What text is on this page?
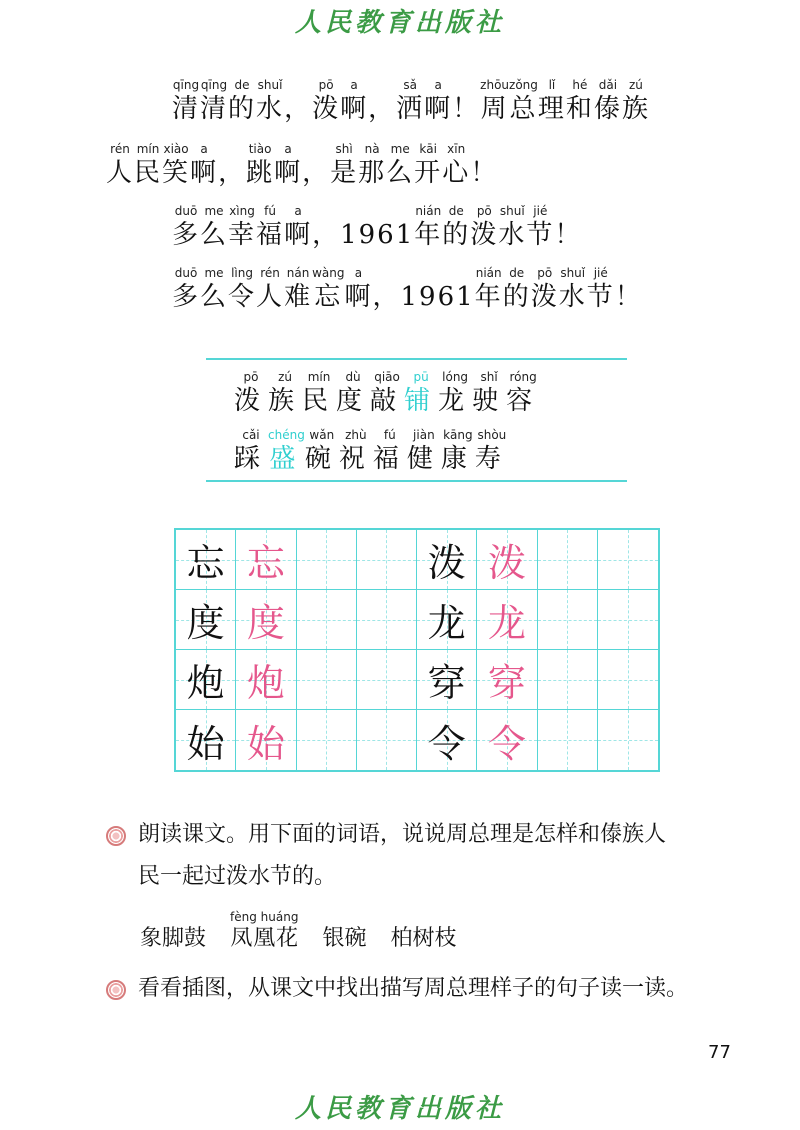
人民教育出版社
清qīng清qīng的de水shuǐ， 泼pō啊a， 洒sǎ啊a！ 周zhōu总zǒng理lǐ和hé傣dǎi族zú
人rén民mín笑xiào啊a， 跳tiào啊a， 是shì那nà么me开kāi心xīn！
多duō么me幸xìng福fú啊a， 1961 年nián的de泼pō水shuǐ节jié！
多duō么me令lìng人rén难nán忘wàng啊a， 1961 年nián的de泼pō水shuǐ节jié！
泼pō族zú民mín度dù敲qiāo铺pū龙lóng驶shǐ容róng
踩cǎi盛chéng碗wǎn祝zhù福fú健jiàn康kāng寿shòu
忘 忘	泼 泼
度 度	龙 龙
炮 炮	穿 穿
始 始	令 令
朗读课文。用下面的词语，说说周总理是怎样和傣族人
民一起过泼水节的。
象脚鼓 凤凰花fèng huáng银碗 柏树枝
看看插图，从课文中找出描写周总理样子的句子读一读。
77
人民教育出版社
